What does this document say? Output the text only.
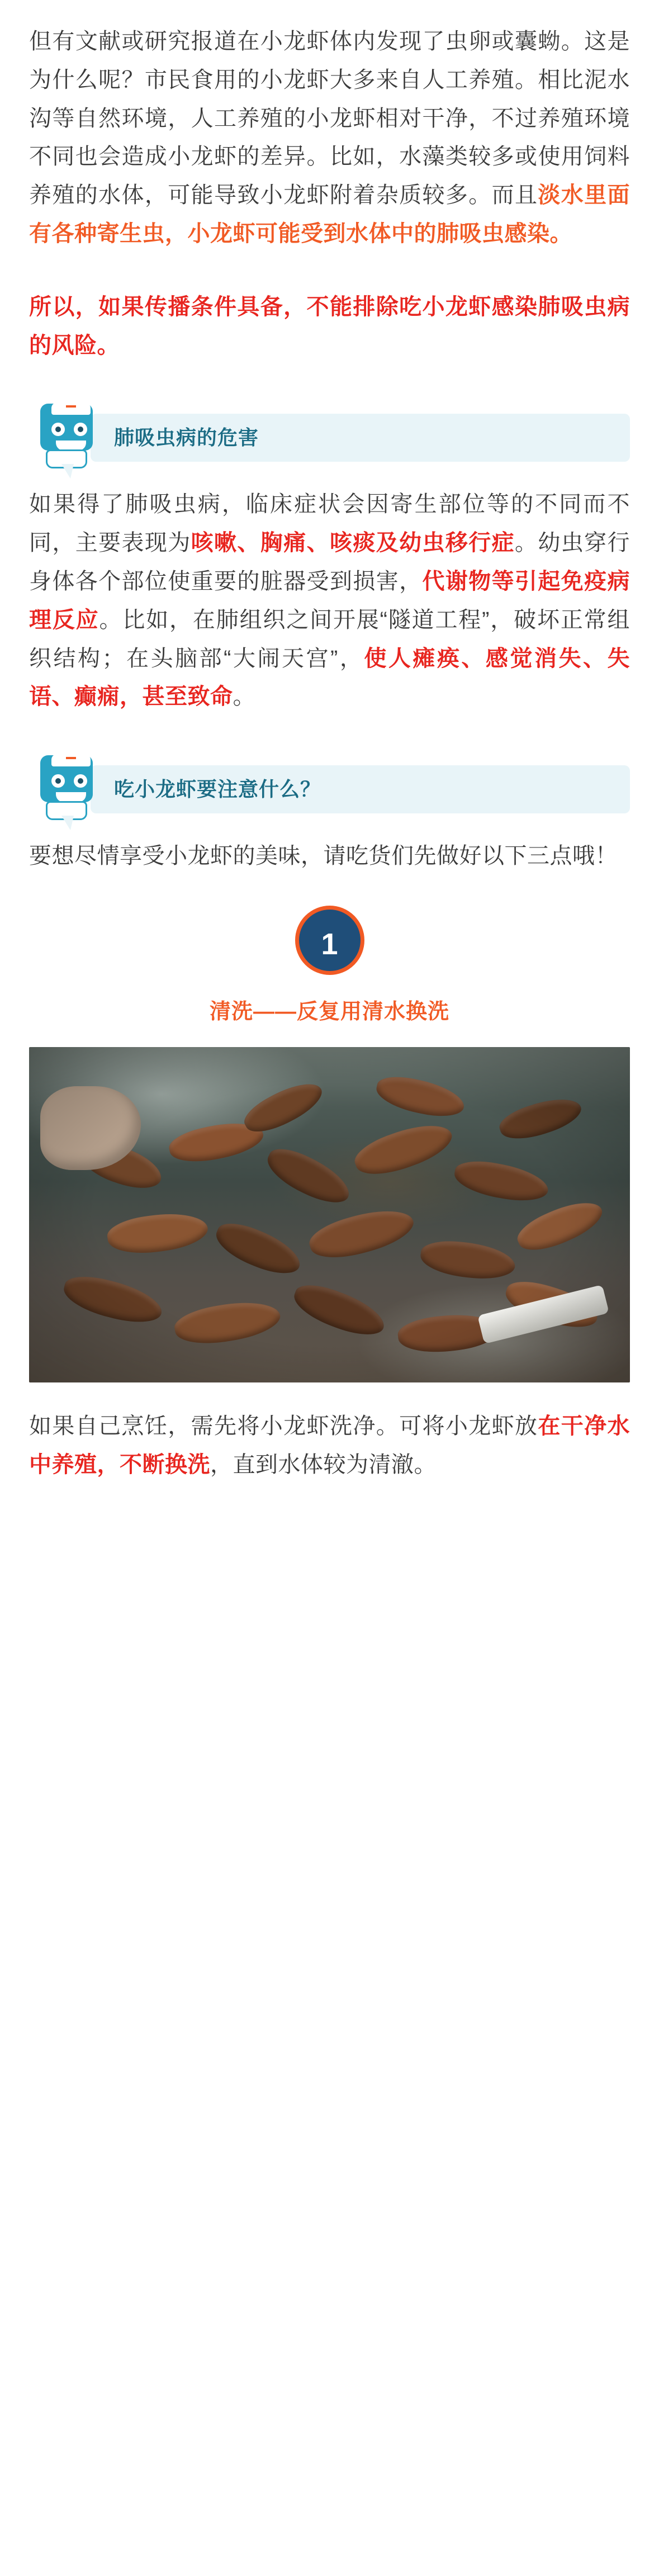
但有文献或研究报道在小龙虾体内发现了虫卵或囊蚴。这是为什么呢？市民食用的小龙虾大多来自人工养殖。相比泥水沟等自然环境，人工养殖的小龙虾相对干净，不过养殖环境不同也会造成小龙虾的差异。比如，水藻类较多或使用饲料养殖的水体，可能导致小龙虾附着杂质较多。而且淡水里面有各种寄生虫，小龙虾可能受到水体中的肺吸虫感染。

所以，如果传播条件具备，不能排除吃小龙虾感染肺吸虫病的风险。

肺吸虫病的危害

如果得了肺吸虫病，临床症状会因寄生部位等的不同而不同，主要表现为咳嗽、胸痛、咳痰及幼虫移行症。幼虫穿行身体各个部位使重要的脏器受到损害，代谢物等引起免疫病理反应。比如，在肺组织之间开展“隧道工程”，破坏正常组织结构；在头脑部“大闹天宫”，使人瘫痪、感觉消失、失语、癫痫，甚至致命。

吃小龙虾要注意什么？

要想尽情享受小龙虾的美味，请吃货们先做好以下三点哦！

1
清洗——反复用清水换洗

如果自己烹饪，需先将小龙虾洗净。可将小龙虾放在干净水中养殖，不断换洗，直到水体较为清澈。
